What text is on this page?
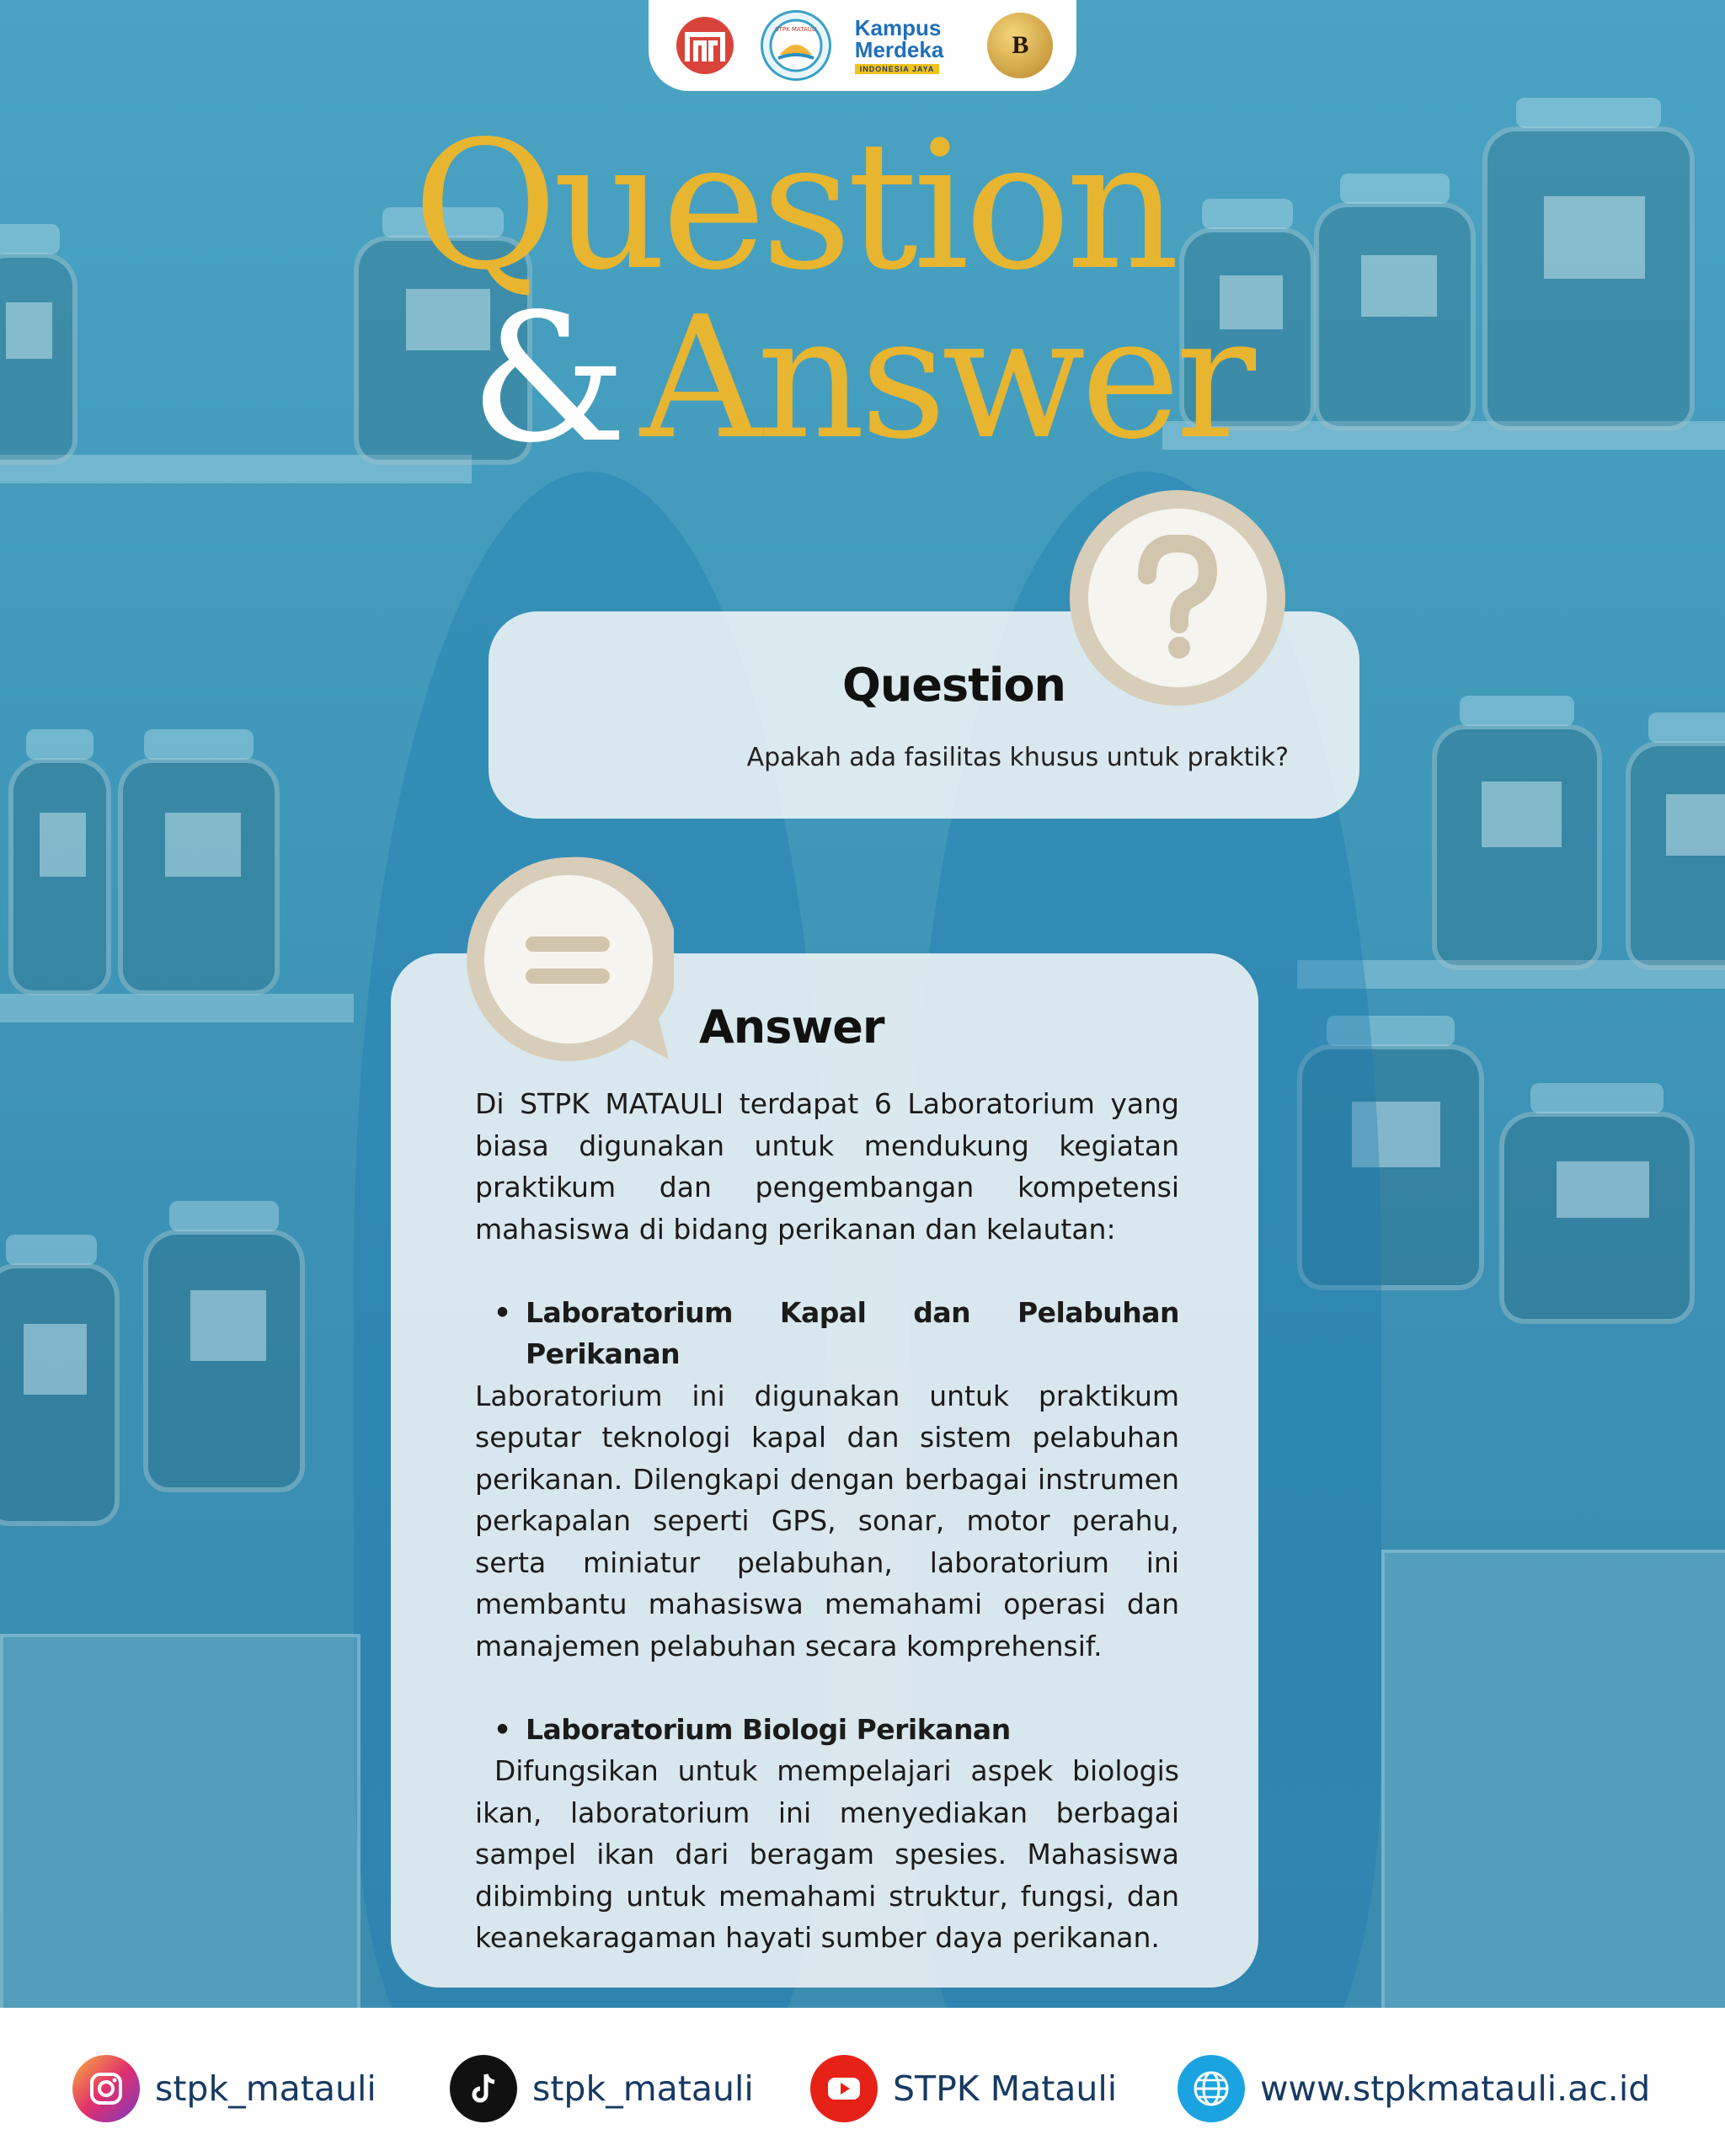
STPK MATAULI Kampus Merdeka
INDONESIA JAYA
B
Question
& Answer
Question
Apakah ada fasilitas khusus untuk praktik?
Answer

Di STPK MATAULI terdapat 6 Laboratorium yang biasa digunakan untuk mendukung kegiatan praktikum dan pengembangan kompetensi mahasiswa di bidang perikanan dan kelautan:

• Laboratorium Kapal dan Pelabuhan Perikanan

Laboratorium ini digunakan untuk praktikum seputar teknologi kapal dan sistem pelabuhan perikanan. Dilengkapi dengan berbagai instrumen perkapalan seperti GPS, sonar, motor perahu, serta miniatur pelabuhan, laboratorium ini membantu mahasiswa memahami operasi dan manajemen pelabuhan secara komprehensif.

• Laboratorium Biologi Perikanan

Difungsikan untuk mempelajari aspek biologis ikan, laboratorium ini menyediakan berbagai sampel ikan dari beragam spesies. Mahasiswa dibimbing untuk memahami struktur, fungsi, dan keanekaragaman hayati sumber daya perikanan.

stpk_matauli	stpk_matauli	STPK Matauli	www.stpkmatauli.ac.id
